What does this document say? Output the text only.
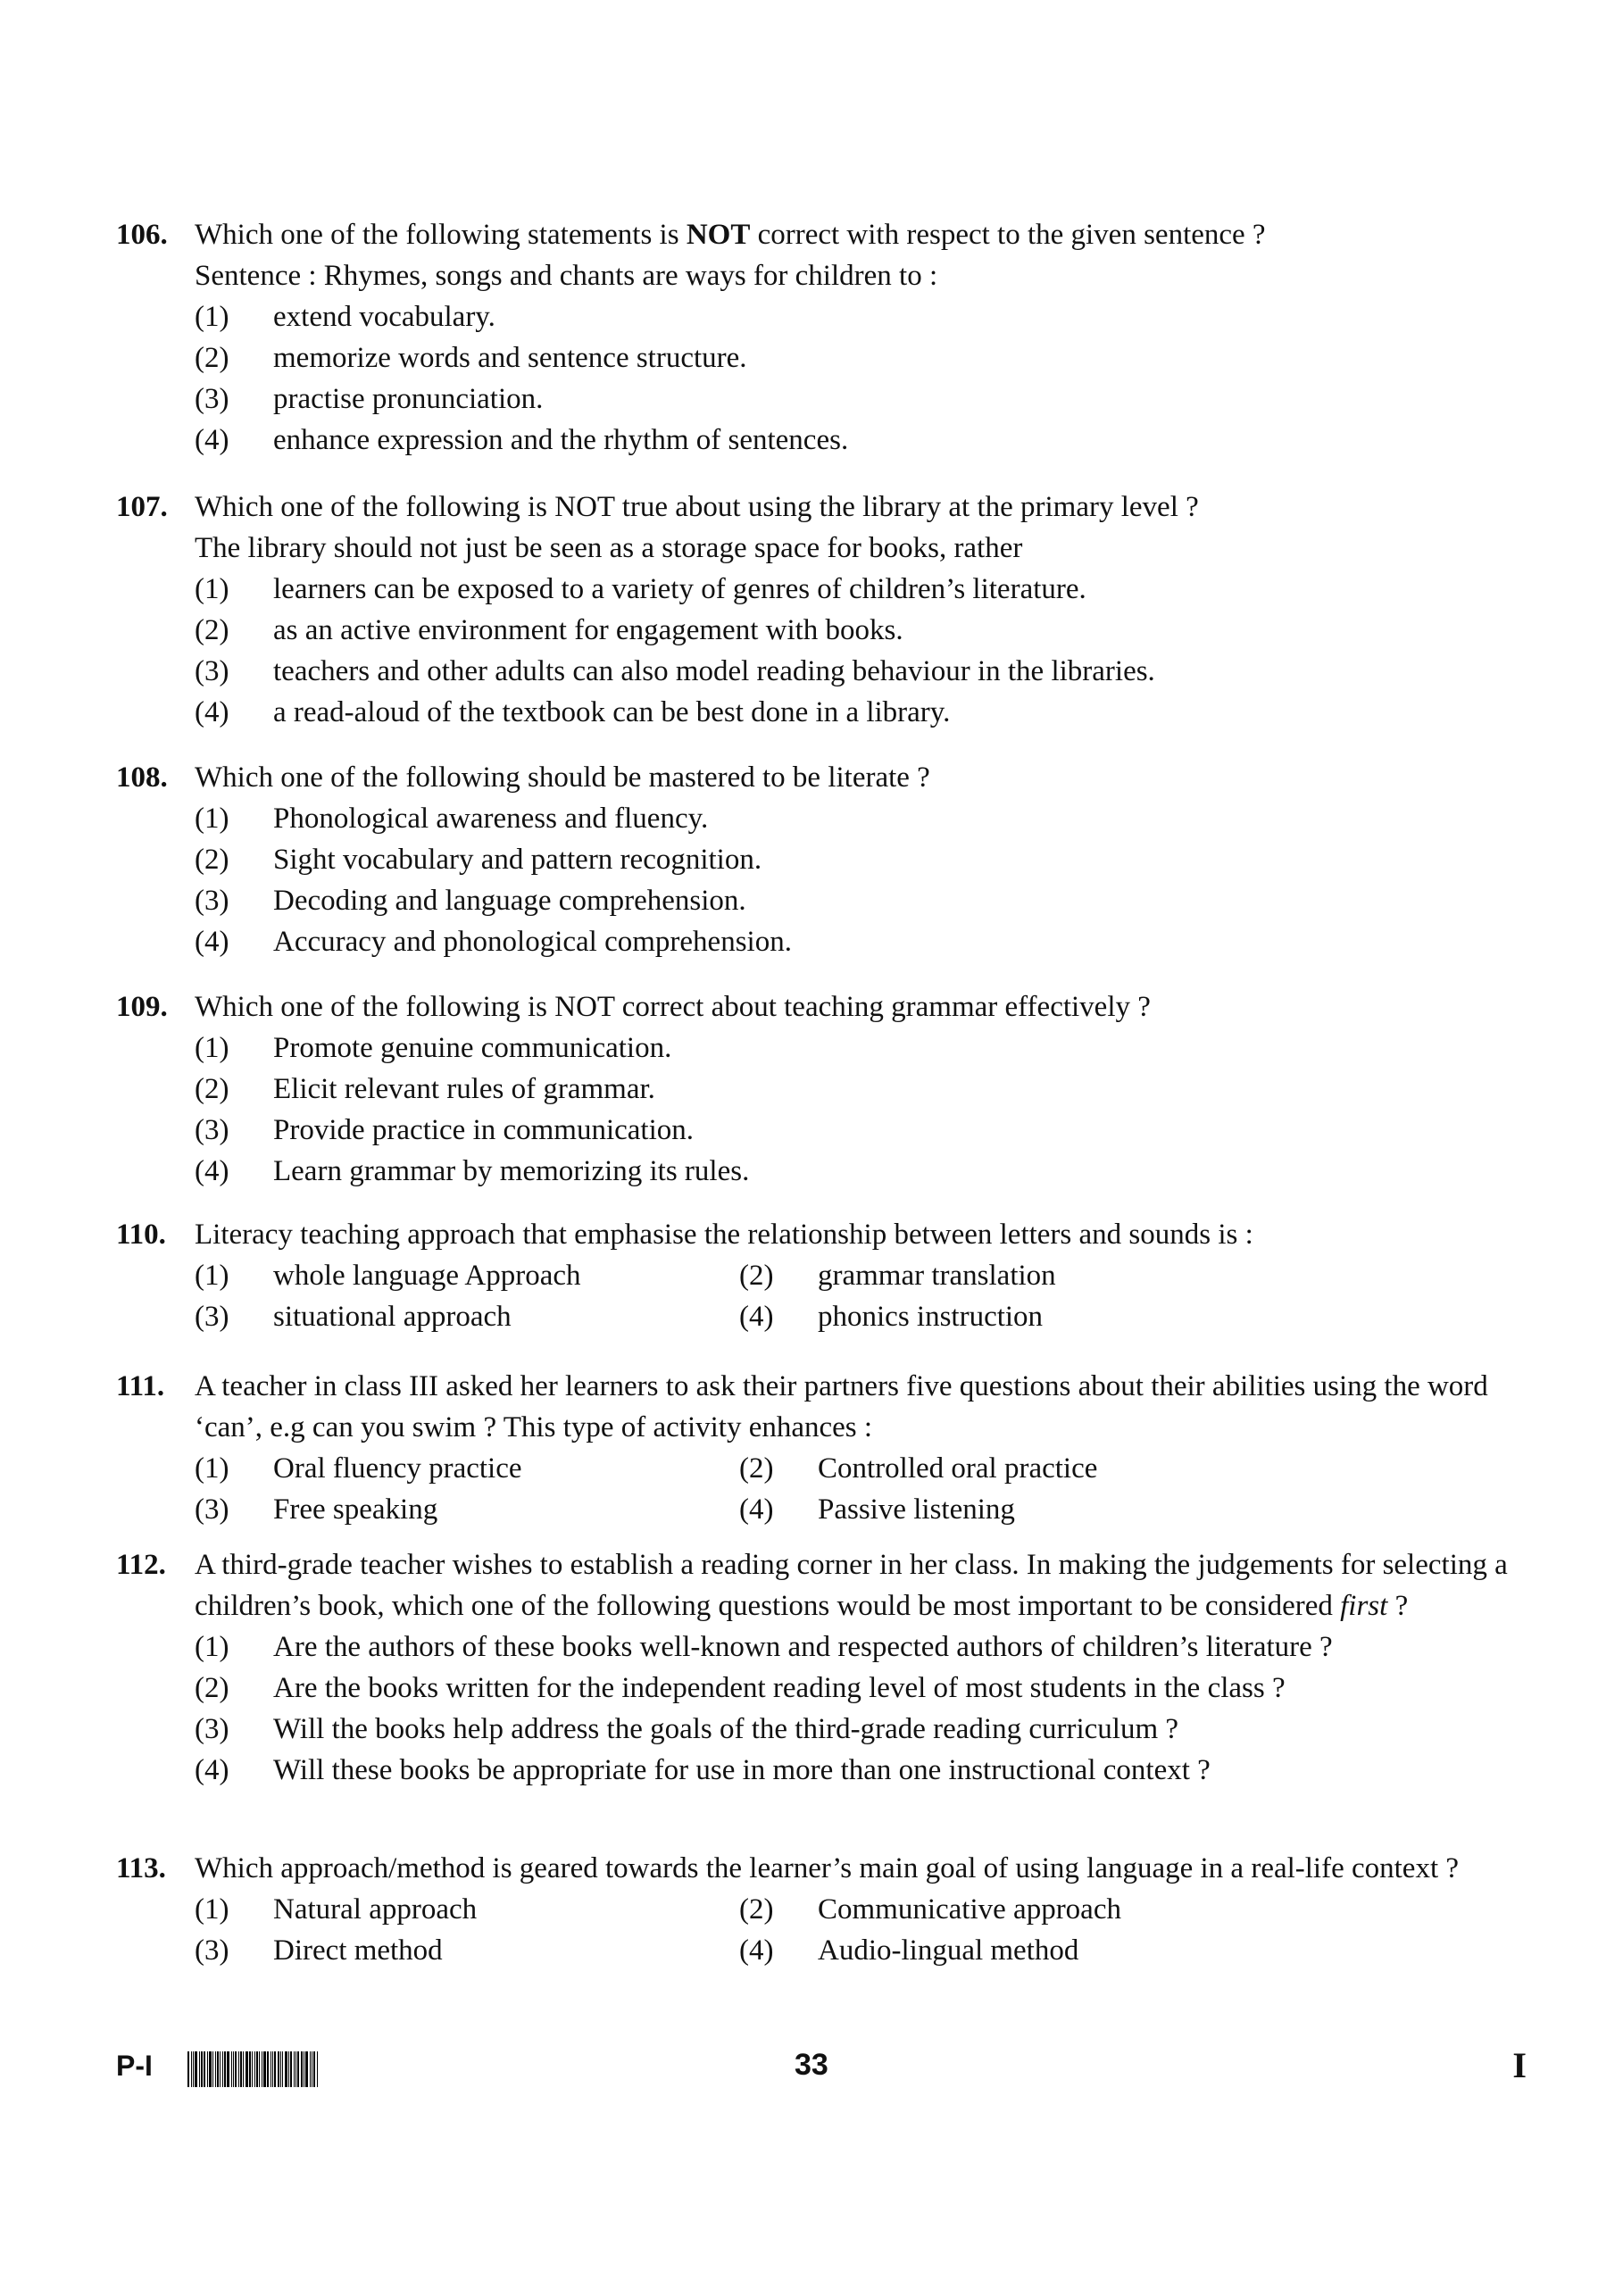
106. Which one of the following statements is NOT correct with respect to the given sentence ?

Sentence : Rhymes, songs and chants are ways for children to :

(1)	extend vocabulary.
(2)	memorize words and sentence structure.
(3)	practise pronunciation.
(4)	enhance expression and the rhythm of sentences.
107. Which one of the following is NOT true about using the library at the primary level ?

The library should not just be seen as a storage space for books, rather

(1)	learners can be exposed to a variety of genres of children’s literature.
(2)	as an active environment for engagement with books.
(3)	teachers and other adults can also model reading behaviour in the libraries.
(4)	a read-aloud of the textbook can be best done in a library.
108. Which one of the following should be mastered to be literate ?

(1)	Phonological awareness and fluency.
(2)	Sight vocabulary and pattern recognition.
(3)	Decoding and language comprehension.
(4)	Accuracy and phonological comprehension.
109. Which one of the following is NOT correct about teaching grammar effectively ?

(1)	Promote genuine communication.
(2)	Elicit relevant rules of grammar.
(3)	Provide practice in communication.
(4)	Learn grammar by memorizing its rules.
110. Literacy teaching approach that emphasise the relationship between letters and sounds is :

(1)	whole language Approach	(2)	grammar translation
(3)	situational approach	(4)	phonics instruction
111. A teacher in class III asked her learners to ask their partners five questions about their abilities using the word ‘can’, e.g can you swim ? This type of activity enhances :

(1)	Oral fluency practice	(2)	Controlled oral practice
(3)	Free speaking	(4)	Passive listening
112. A third-grade teacher wishes to establish a reading corner in her class. In making the judgements for selecting a children’s book, which one of the following questions would be most important to be considered first ?

(1)	Are the authors of these books well-known and respected authors of children’s literature ?
(2)	Are the books written for the independent reading level of most students in the class ?
(3)	Will the books help address the goals of the third-grade reading curriculum ?
(4)	Will these books be appropriate for use in more than one instructional context ?
113. Which approach/method is geared towards the learner’s main goal of using language in a real-life context ?

(1)	Natural approach	(2)	Communicative approach
(3)	Direct method	(4)	Audio-lingual method
P-I	33	I
